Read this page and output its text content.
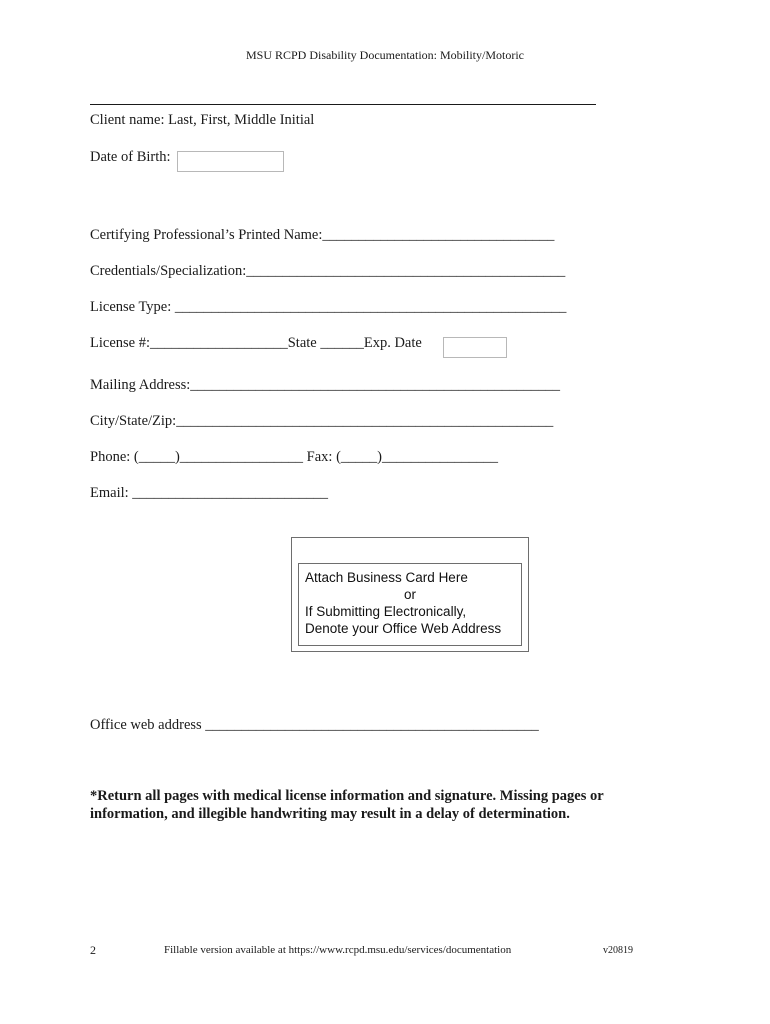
MSU RCPD Disability Documentation: Mobility/Motoric
Client name: Last, First, Middle Initial
Date of Birth:
Certifying Professional’s Printed Name:________________________________
Credentials/Specialization:____________________________________________
License Type: ______________________________________________________
License #:___________________State ______Exp. Date
Mailing Address:___________________________________________________
City/State/Zip:____________________________________________________
Phone: (_____)_________________ Fax: (_____)________________
Email: ___________________________
Attach Business Card Here
or
If Submitting Electronically,
Denote your Office Web Address
Office web address ______________________________________________
*Return all pages with medical license information and signature. Missing pages or
information, and illegible handwriting may result in a delay of determination.
2	Fillable version available at https://www.rcpd.msu.edu/services/documentation	v20819
